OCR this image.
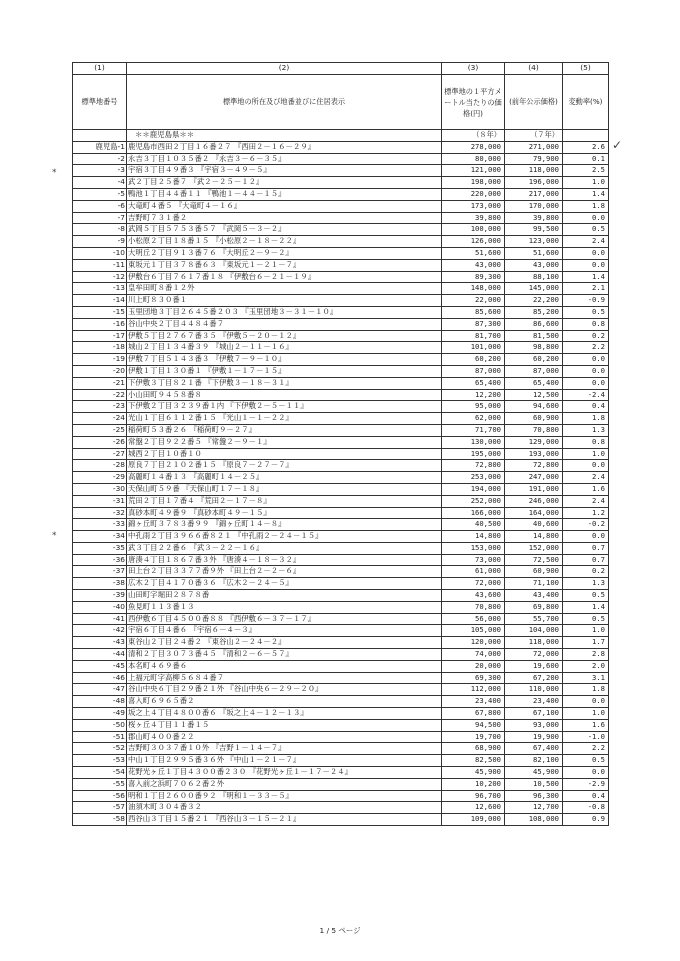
(1)	(2)	(3)	(4)	(5)
標準地番号	標準地の所在及び地番並びに住居表示	標準地の１平方メートル当たりの価格(円)	(前年公示価格)	変動率(%)
	＊＊鹿児島県＊＊	（８年）	（７年）	
鹿児島-1	鹿児島市西田２丁目１６番２７ 『西田２－１６－２９』	278,000	271,000	2.6
-2	永吉３丁目１０３５番２ 『永吉３－６－３５』	80,000	79,900	0.1
-3	宇宿３丁目４９番３ 『宇宿３－４９－５』	121,000	118,000	2.5
-4	武２丁目２５番７ 『武２－２５－１２』	198,000	196,000	1.0
-5	鴨池１丁目４４番１１ 『鴨池１－４４－１５』	220,000	217,000	1.4
-6	大竜町４番５ 『大竜町４－１６』	173,000	170,000	1.8
-7	吉野町７３１番２	39,800	39,800	0.0
-8	武岡５丁目５７５３番５７ 『武岡５－３－２』	100,000	99,500	0.5
-9	小松原２丁目１８番１５ 『小松原２－１８－２２』	126,000	123,000	2.4
-10	大明丘２丁目９１３番７６ 『大明丘２－９－２』	51,600	51,600	0.0
-11	東坂元１丁目３７８番６３ 『東坂元１－２１－７』	43,000	43,000	0.0
-12	伊敷台６丁目７６１７番１８ 『伊敷台６－２１－１９』	89,300	88,100	1.4
-13	皇牟田町８番１２外	148,000	145,000	2.1
-14	川上町８３０番１	22,000	22,200	-0.9
-15	玉里団地３丁目２６４５番２０３ 『玉里団地３－３１－１０』	85,600	85,200	0.5
-16	谷山中央２丁目４４８４番７	87,300	86,600	0.8
-17	伊敷５丁目２７６７番３５ 『伊敷５－２０－１２』	81,700	81,500	0.2
-18	城山２丁目１３４番３９ 『城山２－１１－１６』	101,000	98,800	2.2
-19	伊敷７丁目５１４３番３ 『伊敷７－９－１０』	60,200	60,200	0.0
-20	伊敷１丁目１３０番１ 『伊敷１－１７－１５』	87,000	87,000	0.0
-21	下伊敷３丁目８２１番 『下伊敷３－１８－３１』	65,400	65,400	0.0
-22	小山田町９４５８番８	12,200	12,500	-2.4
-23	下伊敷２丁目３２３９番１内 『下伊敷２－５－１１』	95,000	94,600	0.4
-24	光山１丁目６１１２番１５ 『光山１－１－２２』	62,000	60,900	1.8
-25	稲荷町５３番２６ 『稲荷町９－２７』	71,700	70,800	1.3
-26	常盤２丁目９２２番５ 『常盤２－９－１』	130,000	129,000	0.8
-27	城西２丁目１０番１０	195,000	193,000	1.0
-28	原良７丁目２１０２番１５ 『原良７－２７－７』	72,800	72,800	0.0
-29	高麗町１４番１３ 『高麗町１４－２５』	253,000	247,000	2.4
-30	天保山町５９番 『天保山町１７－１８』	194,000	191,000	1.6
-31	荒田２丁目１７番４ 『荒田２－１７－８』	252,000	246,000	2.4
-32	真砂本町４９番９ 『真砂本町４９－１５』	166,000	164,000	1.2
-33	錦ヶ丘町３７８３番９９ 『錦ヶ丘町１４－８』	40,500	40,600	-0.2
-34	中孔雨２丁目３９６６番８２１ 『中孔雨２－２４－１５』	14,800	14,800	0.0
-35	武３丁目２２番６ 『武３－２２－１６』	153,000	152,000	0.7
-36	唐湊４丁目１８６７番３外 『唐湊４－１８－３２』	73,000	72,500	0.7
-37	田上台２丁目３３７７番９外 『田上台２－２－６』	61,000	60,900	0.2
-38	広木２丁目４１７０番３６ 『広木２－２４－５』	72,000	71,100	1.3
-39	山田町字堀田２８７８番	43,600	43,400	0.5
-40	魚見町１１３番１３	70,800	69,800	1.4
-41	西伊敷６丁目４５００番８８ 『西伊敷６－３７－１７』	56,000	55,700	0.5
-42	宇宿６丁目４番６ 『宇宿６－４－３』	105,000	104,000	1.0
-43	東谷山２丁目２４番２ 『東谷山２－２４－２』	120,000	118,000	1.7
-44	清和２丁目３０７３番４５ 『清和２－６－５７』	74,000	72,000	2.8
-45	本名町４６９番６	20,000	19,600	2.0
-46	上福元町字高柳５６８４番７	69,300	67,200	3.1
-47	谷山中央６丁目２９番２１外 『谷山中央６－２９－２０』	112,000	110,000	1.8
-48	喜入町６９６５番２	23,400	23,400	0.0
-49	坂之上４丁目４８００番６ 『坂之上４－１２－１３』	67,800	67,100	1.0
-50	桜ヶ丘４丁目１１番１５	94,500	93,000	1.6
-51	郡山町４００番２２	19,700	19,900	-1.0
-52	吉野町３０３７番１０外 『吉野１－１４－７』	68,900	67,400	2.2
-53	中山１丁目２９９５番３６外 『中山１－２１－７』	82,500	82,100	0.5
-54	花野光ヶ丘１丁目４３００番２３０ 『花野光ヶ丘１－１７－２４』	45,900	45,900	0.0
-55	喜入前之浜町７０６２番２外	10,200	10,500	-2.9
-56	明和１丁目２６００番９２ 『明和１－３３－５』	96,700	96,300	0.4
-57	油須木町３０４番３２	12,600	12,700	-0.8
-58	西谷山３丁目１５番２１ 『西谷山３－１５－２１』	109,000	108,000	0.9
*
*
✓
1 / 5 ページ
